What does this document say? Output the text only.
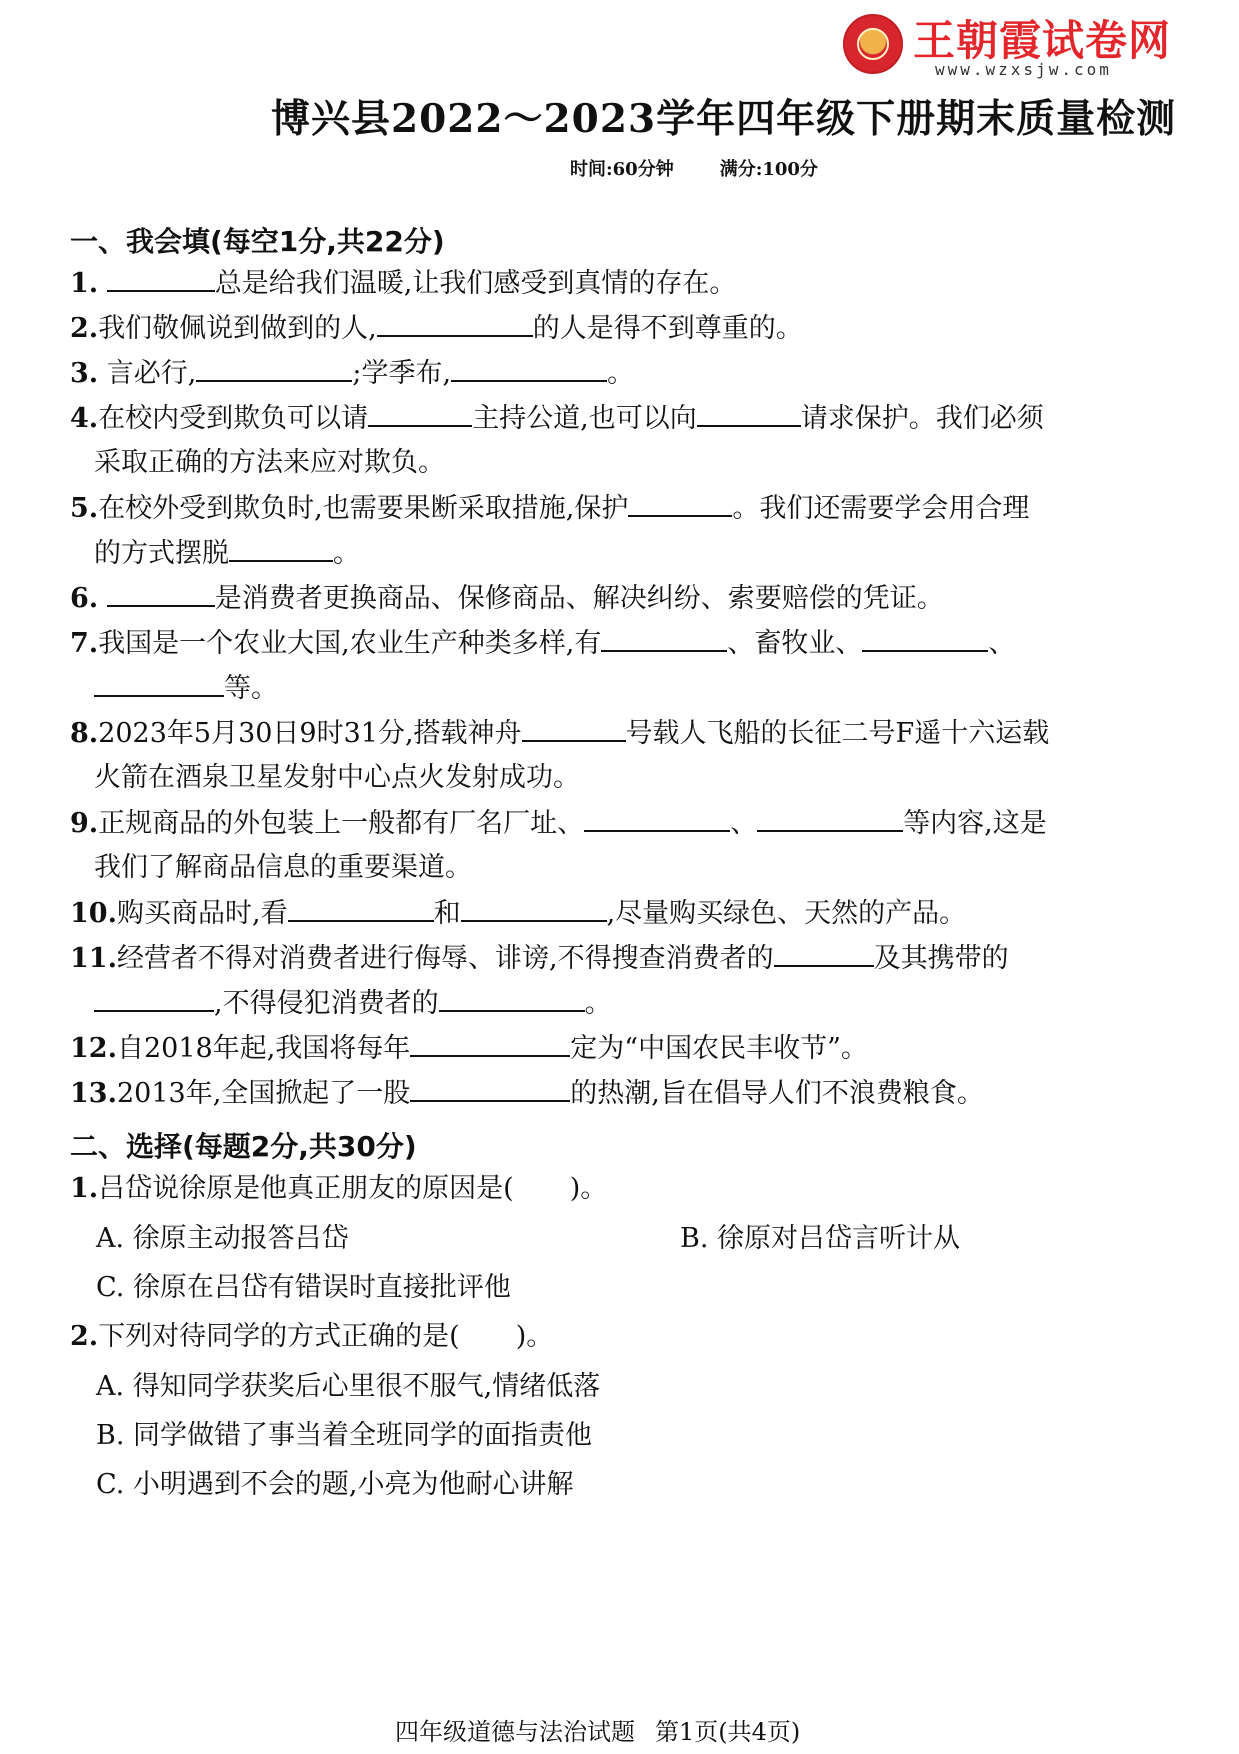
王朝霞试卷网
www.wzxsjw.com
博兴县2022～2023学年四年级下册期末质量检测
时间:60分钟	满分:100分
一、我会填(每空1分,共22分)
1.	总是给我们温暖,让我们感受到真情的存在。
2.我们敬佩说到做到的人,	的人是得不到尊重的。
3. 言必行,	;学季布,	。
4.在校内受到欺负可以请	主持公道,也可以向	请求保护。我们必须
采取正确的方法来应对欺负。
5.在校外受到欺负时,也需要果断采取措施,保护	。我们还需要学会用合理
的方式摆脱	。
6.	是消费者更换商品、保修商品、解决纠纷、索要赔偿的凭证。
7.我国是一个农业大国,农业生产种类多样,有	、畜牧业、	、
等。
8.2023年5月30日9时31分,搭载神舟	号载人飞船的长征二号F遥十六运载
火箭在酒泉卫星发射中心点火发射成功。
9.正规商品的外包装上一般都有厂名厂址、	、	等内容,这是
我们了解商品信息的重要渠道。
10.购买商品时,看	和	,尽量购买绿色、天然的产品。
11.经营者不得对消费者进行侮辱、诽谤,不得搜查消费者的	及其携带的
,不得侵犯消费者的	。
12.自2018年起,我国将每年	定为“中国农民丰收节”。
13.2013年,全国掀起了一股	的热潮,旨在倡导人们不浪费粮食。
二、选择(每题2分,共30分)
1.吕岱说徐原是他真正朋友的原因是( )。
A. 徐原主动报答吕岱	B. 徐原对吕岱言听计从
C. 徐原在吕岱有错误时直接批评他
2.下列对待同学的方式正确的是( )。
A. 得知同学获奖后心里很不服气,情绪低落
B. 同学做错了事当着全班同学的面指责他
C. 小明遇到不会的题,小亮为他耐心讲解
四年级道德与法治试题 第1页(共4页)
